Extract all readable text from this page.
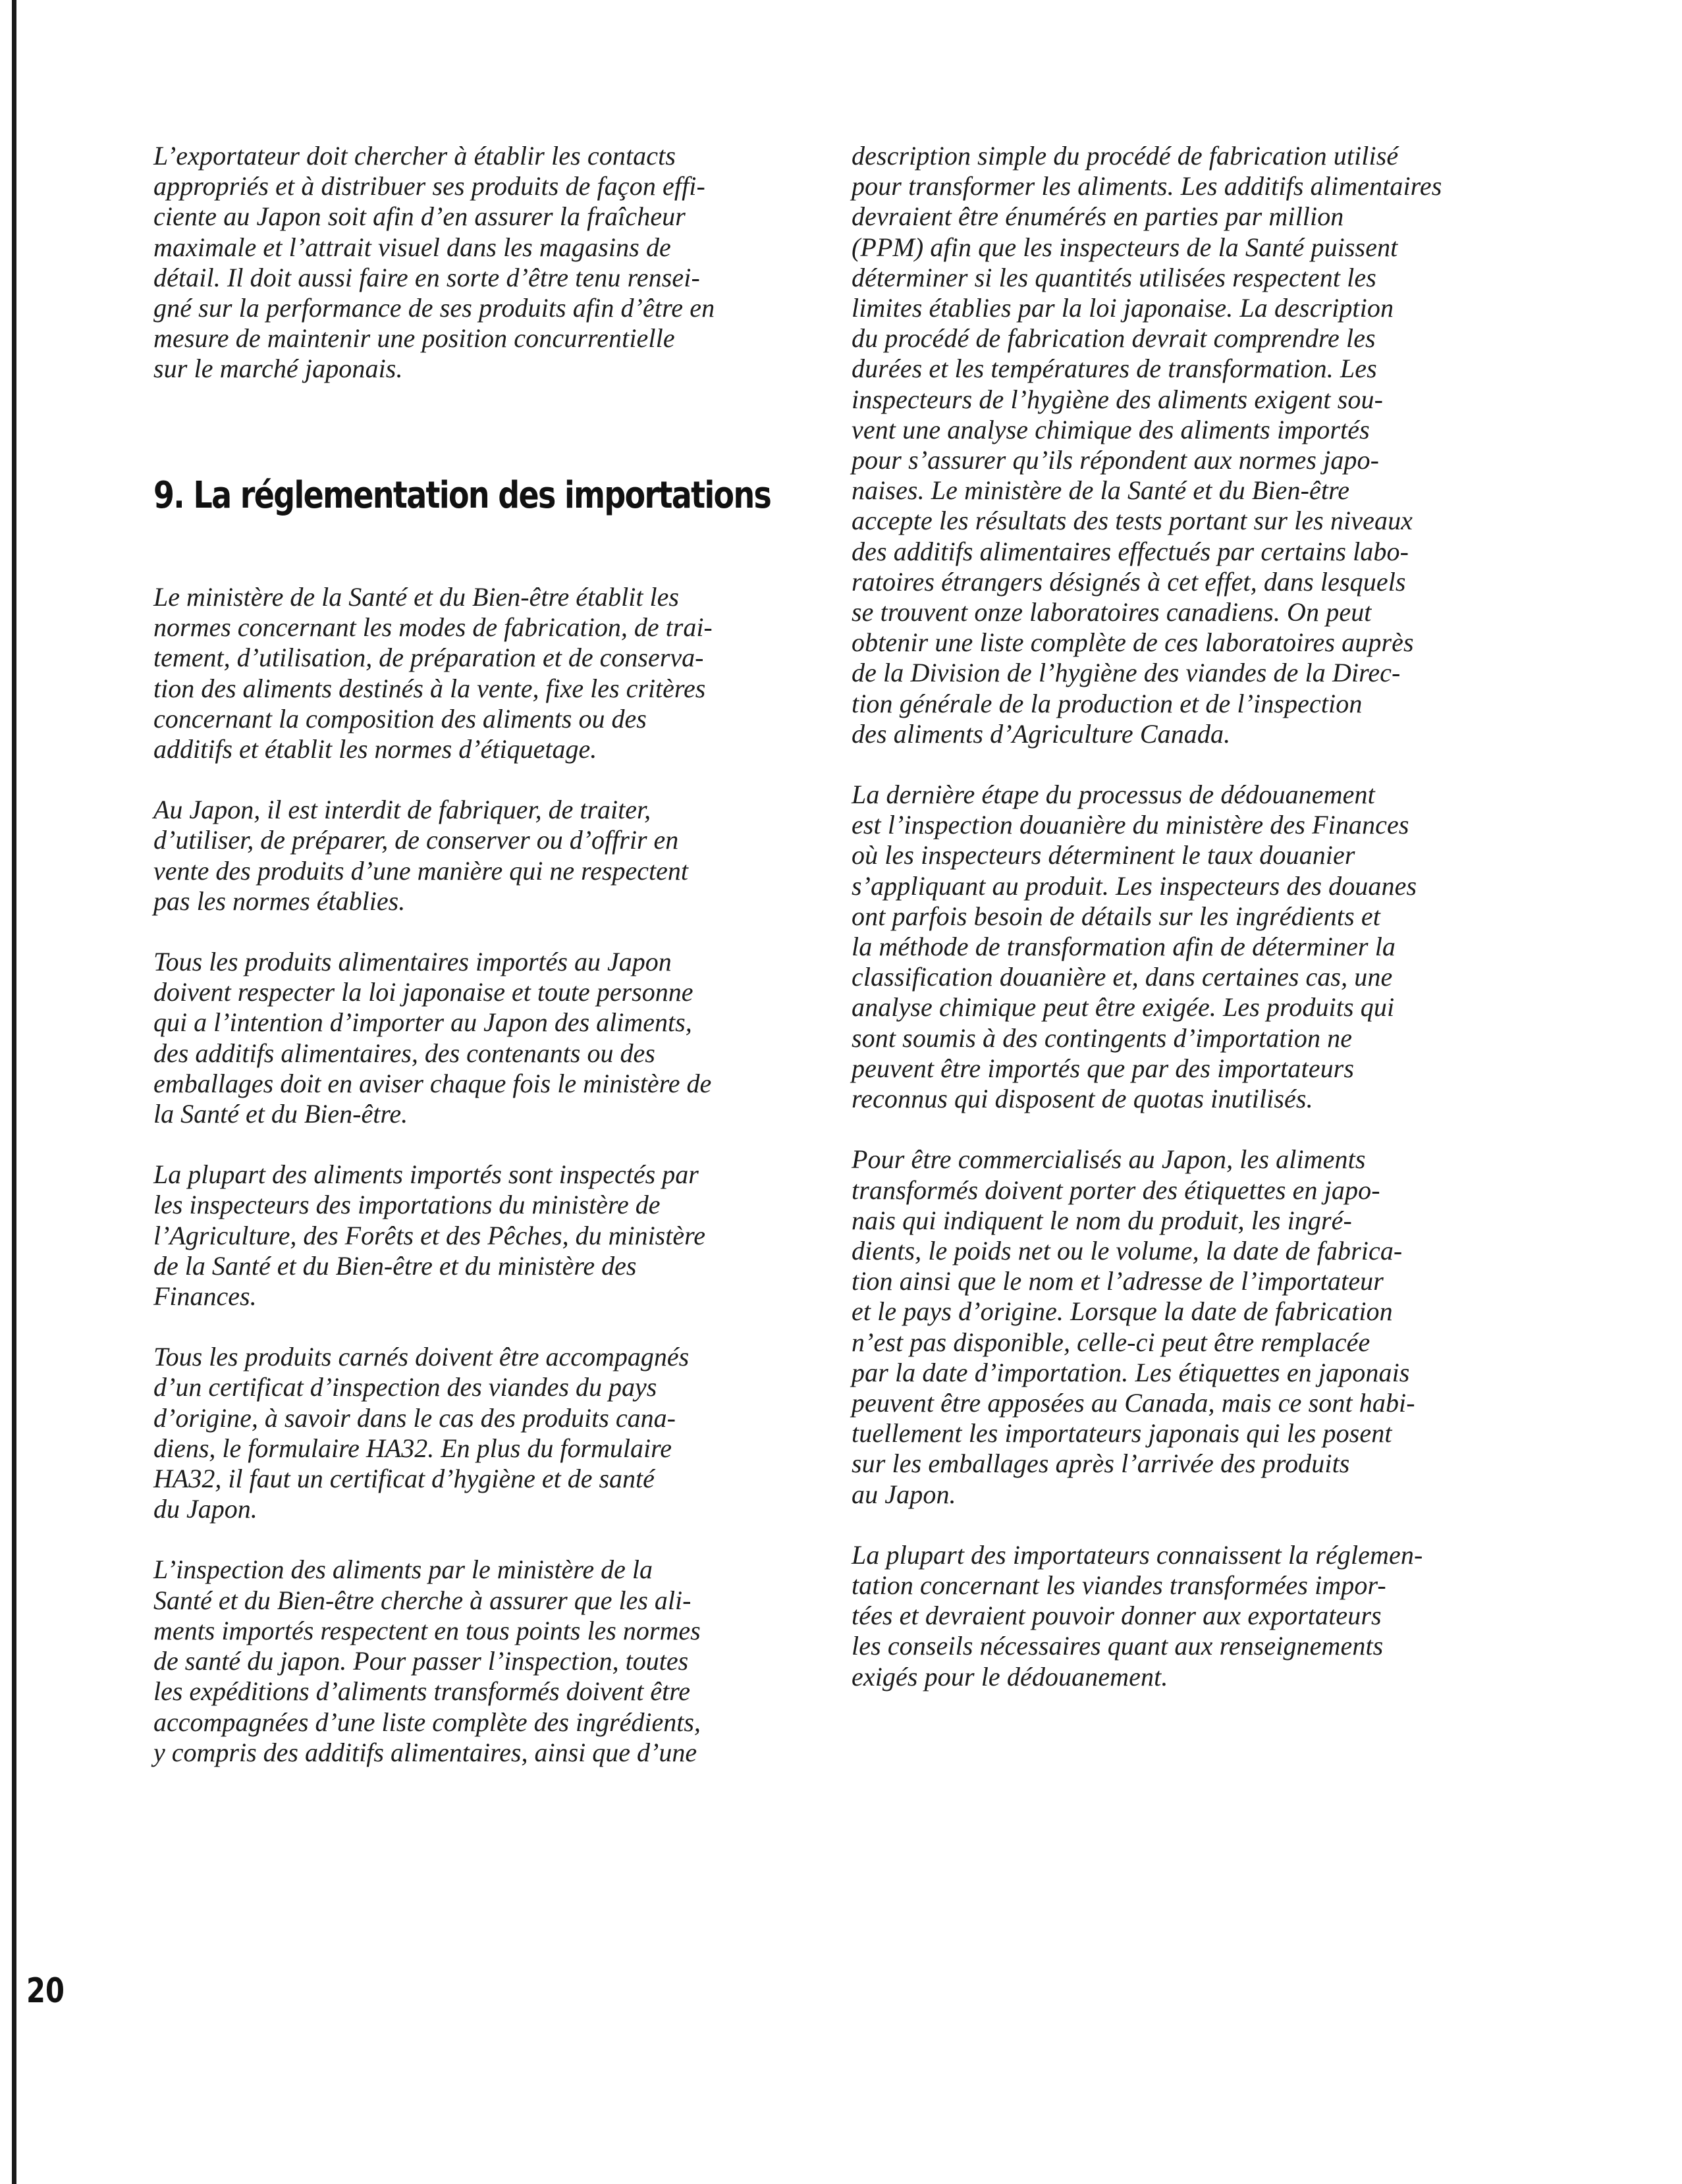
L’exportateur doit chercher à établir les contacts
appropriés et à distribuer ses produits de façon effi-
ciente au Japon soit afin d’en assurer la fraîcheur
maximale et l’attrait visuel dans les magasins de
détail. Il doit aussi faire en sorte d’être tenu rensei-
gné sur la performance de ses produits afin d’être en
mesure de maintenir une position concurrentielle
sur le marché japonais.

9. La réglementation des importations

Le ministère de la Santé et du Bien-être établit les
normes concernant les modes de fabrication, de trai-
tement, d’utilisation, de préparation et de conserva-
tion des aliments destinés à la vente, fixe les critères
concernant la composition des aliments ou des
additifs et établit les normes d’étiquetage.

Au Japon, il est interdit de fabriquer, de traiter,
d’utiliser, de préparer, de conserver ou d’offrir en
vente des produits d’une manière qui ne respectent
pas les normes établies.

Tous les produits alimentaires importés au Japon
doivent respecter la loi japonaise et toute personne
qui a l’intention d’importer au Japon des aliments,
des additifs alimentaires, des contenants ou des
emballages doit en aviser chaque fois le ministère de
la Santé et du Bien-être.

La plupart des aliments importés sont inspectés par
les inspecteurs des importations du ministère de
l’Agriculture, des Forêts et des Pêches, du ministère
de la Santé et du Bien-être et du ministère des
Finances.

Tous les produits carnés doivent être accompagnés
d’un certificat d’inspection des viandes du pays
d’origine, à savoir dans le cas des produits cana-
diens, le formulaire HA32. En plus du formulaire
HA32, il faut un certificat d’hygiène et de santé
du Japon.

L’inspection des aliments par le ministère de la
Santé et du Bien-être cherche à assurer que les ali-
ments importés respectent en tous points les normes
de santé du japon. Pour passer l’inspection, toutes
les expéditions d’aliments transformés doivent être
accompagnées d’une liste complète des ingrédients,
y compris des additifs alimentaires, ainsi que d’une

description simple du procédé de fabrication utilisé
pour transformer les aliments. Les additifs alimentaires
devraient être énumérés en parties par million
(PPM) afin que les inspecteurs de la Santé puissent
déterminer si les quantités utilisées respectent les
limites établies par la loi japonaise. La description
du procédé de fabrication devrait comprendre les
durées et les températures de transformation. Les
inspecteurs de l’hygiène des aliments exigent sou-
vent une analyse chimique des aliments importés
pour s’assurer qu’ils répondent aux normes japo-
naises. Le ministère de la Santé et du Bien-être
accepte les résultats des tests portant sur les niveaux
des additifs alimentaires effectués par certains labo-
ratoires étrangers désignés à cet effet, dans lesquels
se trouvent onze laboratoires canadiens. On peut
obtenir une liste complète de ces laboratoires auprès
de la Division de l’hygiène des viandes de la Direc-
tion générale de la production et de l’inspection
des aliments d’Agriculture Canada.

La dernière étape du processus de dédouanement
est l’inspection douanière du ministère des Finances
où les inspecteurs déterminent le taux douanier
s’appliquant au produit. Les inspecteurs des douanes
ont parfois besoin de détails sur les ingrédients et
la méthode de transformation afin de déterminer la
classification douanière et, dans certaines cas, une
analyse chimique peut être exigée. Les produits qui
sont soumis à des contingents d’importation ne
peuvent être importés que par des importateurs
reconnus qui disposent de quotas inutilisés.

Pour être commercialisés au Japon, les aliments
transformés doivent porter des étiquettes en japo-
nais qui indiquent le nom du produit, les ingré-
dients, le poids net ou le volume, la date de fabrica-
tion ainsi que le nom et l’adresse de l’importateur
et le pays d’origine. Lorsque la date de fabrication
n’est pas disponible, celle-ci peut être remplacée
par la date d’importation. Les étiquettes en japonais
peuvent être apposées au Canada, mais ce sont habi-
tuellement les importateurs japonais qui les posent
sur les emballages après l’arrivée des produits
au Japon.

La plupart des importateurs connaissent la réglemen-
tation concernant les viandes transformées impor-
tées et devraient pouvoir donner aux exportateurs
les conseils nécessaires quant aux renseignements
exigés pour le dédouanement.

20
